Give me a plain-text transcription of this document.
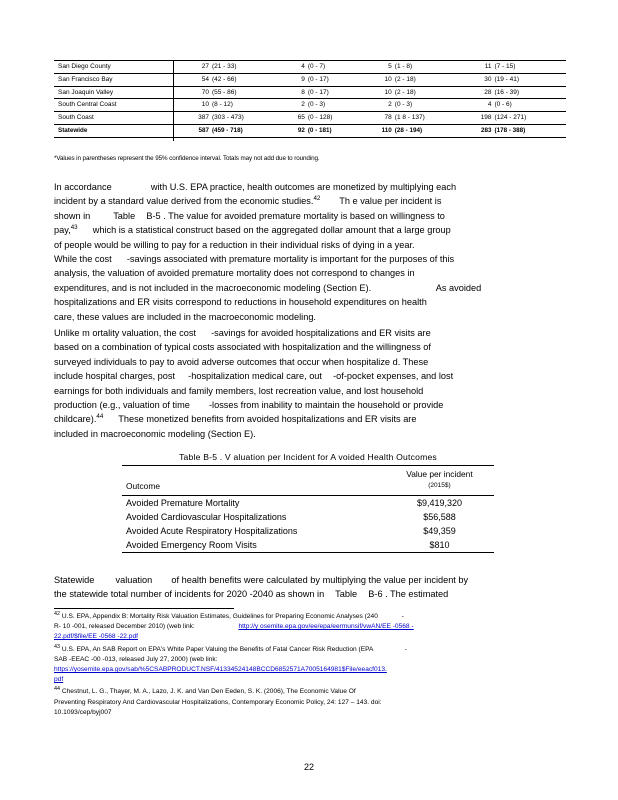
San Diego County	27	(21 - 33)	4	(0 - 7)	5	(1 - 8)	11	(7 - 15)
San Francisco Bay	54	(42 - 66)	9	(0 - 17)	10	(2 - 18)	30	(19 - 41)
San Joaquin Valley	70	(55 - 86)	8	(0 - 17)	10	(2 - 18)	28	(16 - 39)
South Central Coast	10	(8 - 12)	2	(0 - 3)	2	(0 - 3)	4	(0 - 6)
South Coast	387	(303 - 473)	65	(0 - 128)	78	(1 8 - 137)	198	(124 - 271)
Statewide	587	(459 - 718)	92	(0 - 181)	110	(28 - 194)	283	(178 - 388)
*Values in parentheses represent the 95% confidence interval. Totals may not add due to rounding.
In accordance	with U.S. EPA practice, health outcomes are monetized by multiplying each
incident by a standard value derived from the economic studies.$^{42}$ Th e value per incident is
shown in Table B-5 . The value for avoided premature mortality is based on willingness to
pay,$^{43}$ which is a statistical construct based on the aggregated dollar amount that a large group
of people would be willing to pay for a reduction in their individual risks of dying in a year.
While the cost -savings associated with premature mortality is important for the purposes of this
analysis, the valuation of avoided premature mortality does not correspond to changes in
expenditures, and is not included in the macroeconomic modeling (Section E).	As avoided
hospitalizations and ER visits correspond to reductions in household expenditures on health
care, these values are included in the macroeconomic modeling.
Unlike m ortality valuation, the cost -savings for avoided hospitalizations and ER visits are
based on a combination of typical costs associated with hospitalization and the willingness of
surveyed individuals to pay to avoid adverse outcomes that occur when hospitalize d. These
include hospital charges, post -hospitalization medical care, out -of-pocket expenses, and lost
earnings for both individuals and family members, lost recreation value, and lost household
production (e.g., valuation of time -losses from inability to maintain the household or provide
childcare).$^{44}$ These monetized benefits from avoided hospitalizations and ER visits are
included in macroeconomic modeling (Section E).
Table B-5 . V aluation per Incident for A voided Health Outcomes
Outcome	Value per incident
(2015$)
Avoided Premature Mortality	$9,419,320
Avoided Cardiovascular Hospitalizations	$56,588
Avoided Acute Respiratory Hospitalizations	$49,359
Avoided Emergency Room Visits	$810
Statewide valuation of health benefits were calculated by multiplying the value per incident by
the statewide total number of incidents for 2020 -2040 as shown in Table B-6 . The estimated
$^{42}$ U.S. EPA, Appendix B: Mortality Risk Valuation Estimates, Guidelines for Preparing Economic Analyses (240	-
R- 10 -001, released December 2010) (web link:	http://y osemite.epa.gov/ee/epa/eermunsif/vwAN/EE -0568 -
22.pdf/$file/EE -0568 -22.pdf
$^{43}$ U.S. EPA, An SAB Report on EPA's White Paper Valuing the Benefits of Fatal Cancer Risk Reduction (EPA	-
SAB -EEAC -00 -013, released July 27, 2000) (web link:
https://yosemite.epa.gov/sab/%5CSABPRODUCT.NSF/41334524148BCCD6852571A7005164981$File/eeacf013.
pdf
$^{44}$ Chestnut, L. G., Thayer, M. A., Lazo, J. K. and Van Den Eeden, S. K. (2006), The Economic Value Of
Preventing Respiratory And Cardiovascular Hospitalizations, Contemporary Economic Policy, 24: 127 – 143. doi:
10.1093/cep/byj007
22
